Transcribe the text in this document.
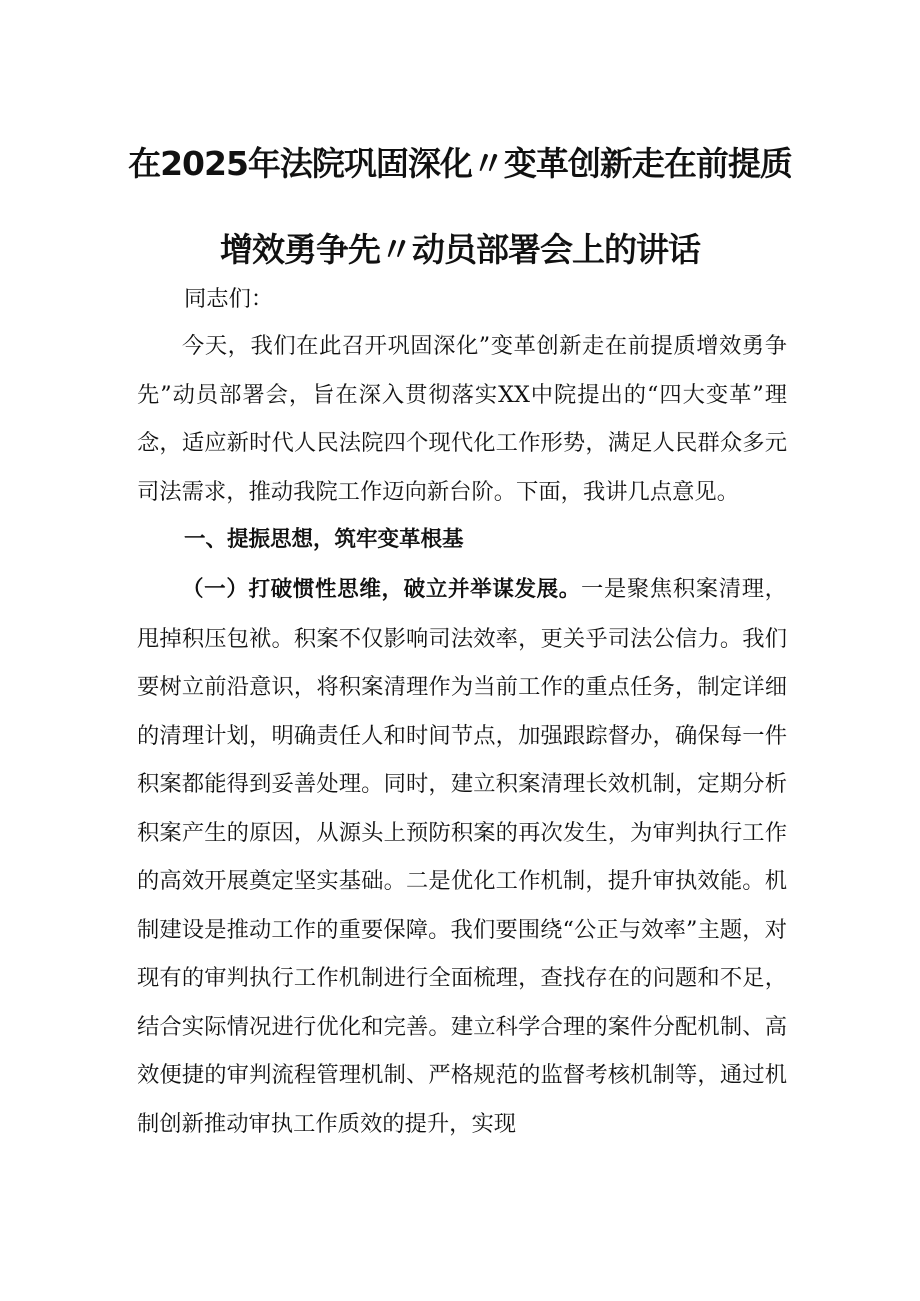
在2025年法院巩固深化〃变革创新走在前提质
增效勇争先〃动员部署会上的讲话

同志们：

今天，我们在此召开巩固深化”变革创新走在前提质增效勇争先”动员部署会，旨在深入贯彻落实XX中院提出的“四大变革”理念，适应新时代人民法院四个现代化工作形势，满足人民群众多元司法需求，推动我院工作迈向新台阶。下面，我讲几点意见。

一、提振思想，筑牢变革根基

（一）打破惯性思维，破立并举谋发展。一是聚焦积案清理，甩掉积压包袱。积案不仅影响司法效率，更关乎司法公信力。我们要树立前沿意识，将积案清理作为当前工作的重点任务，制定详细的清理计划，明确责任人和时间节点，加强跟踪督办，确保每一件积案都能得到妥善处理。同时，建立积案清理长效机制，定期分析积案产生的原因，从源头上预防积案的再次发生，为审判执行工作的高效开展奠定坚实基础。二是优化工作机制，提升审执效能。机制建设是推动工作的重要保障。我们要围绕“公正与效率”主题，对现有的审判执行工作机制进行全面梳理，查找存在的问题和不足，结合实际情况进行优化和完善。建立科学合理的案件分配机制、高效便捷的审判流程管理机制、严格规范的监督考核机制等，通过机制创新推动审执工作质效的提升，实现
